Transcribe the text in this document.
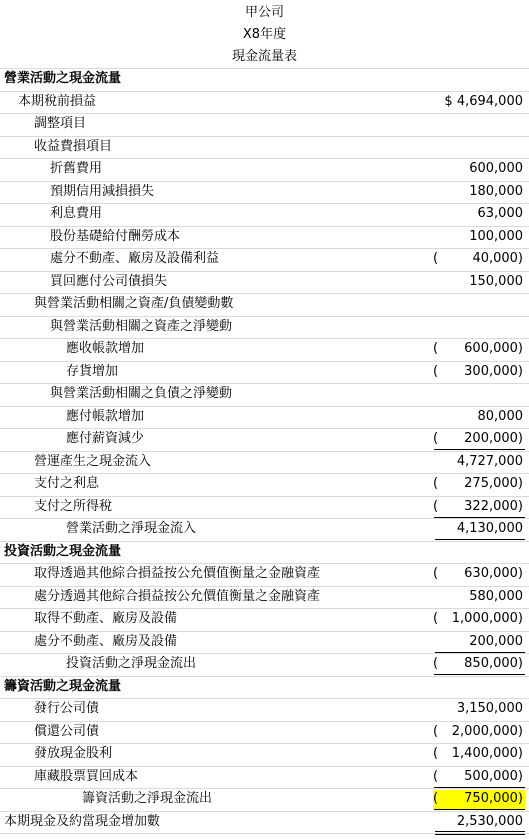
甲公司
X8年度
現金流量表
營業活動之現金流量
本期稅前損益	$ 4,694,000
調整項目
收益費損項目
折舊費用	600,000
預期信用減損損失	180,000
利息費用	63,000
股份基礎給付酬勞成本	100,000
處分不動產、廠房及設備利益	(	40,000)
買回應付公司債損失	150,000
與營業活動相關之資產/負債變動數
與營業活動相關之資產之淨變動
應收帳款增加	( 600,000)
存貨增加	( 300,000)
與營業活動相關之負債之淨變動
應付帳款增加	80,000
應付薪資減少	( 200,000)
營運產生之現金流入	4,727,000
支付之利息	( 275,000)
支付之所得稅	( 322,000)
營業活動之淨現金流入	4,130,000
投資活動之現金流量
取得透過其他綜合損益按公允價值衡量之金融資產	( 630,000)
處分透過其他綜合損益按公允價值衡量之金融資產	580,000
取得不動產、廠房及設備	( 1,000,000)
處分不動產、廠房及設備	200,000
投資活動之淨現金流出	( 850,000)
籌資活動之現金流量
發行公司債	3,150,000
償還公司債	( 2,000,000)
發放現金股利	( 1,400,000)
庫藏股票買回成本	( 500,000)
籌資活動之淨現金流出	( 750,000)
本期現金及約當現金增加數	2,530,000
